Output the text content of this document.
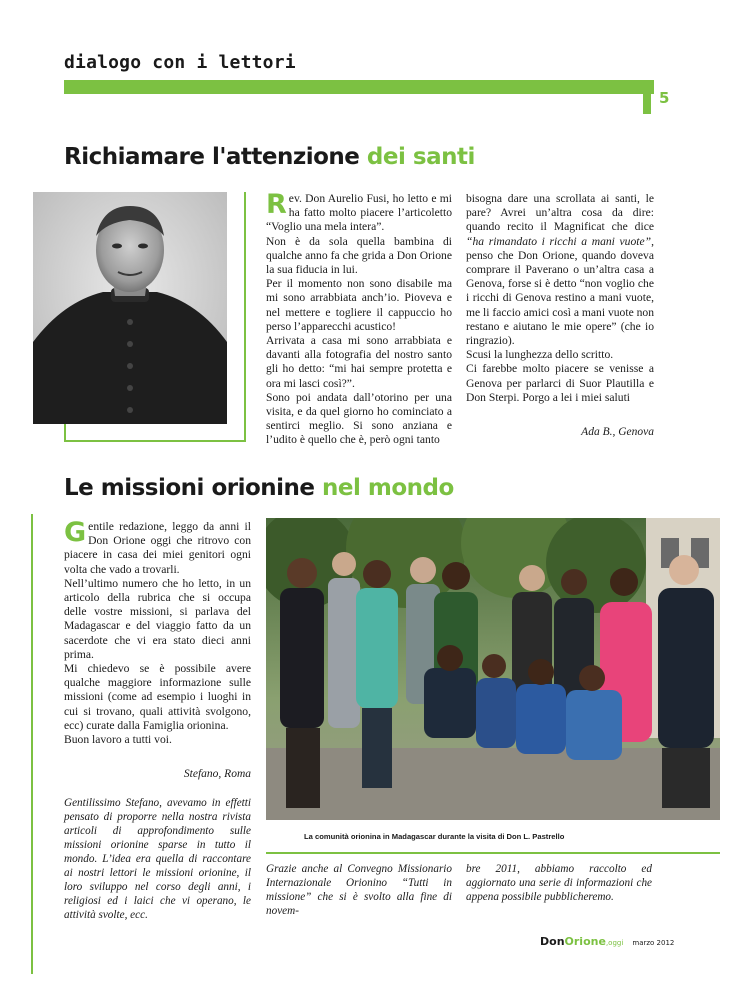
dialogo con i lettori
5
Richiamare l'attenzione dei santi
R ev. Don Aurelio Fusi, ho letto e mi ha fatto molto piacere l’articoletto “Voglio una mela intera”.

Non è da sola quella bambina di qualche anno fa che grida a Don Orione la sua fiducia in lui.

Per il momento non sono disabile ma mi sono arrabbiata anch’io. Pioveva e nel mettere e togliere il cappuccio ho perso l’apparecchi acustico!

Arrivata a casa mi sono arrabbiata e davanti alla fotografia del nostro santo gli ho detto: “mi hai sempre protetta e ora mi lasci così?”.

Sono poi andata dall’otorino per una visita, e da quel giorno ho cominciato a sentirci meglio. Si sono anziana e l’udito è quello che è, però ogni tanto

bisogna dare una scrollata ai santi, le pare? Avrei un’altra cosa da dire: quando recito il Magnificat che dice “ha rimandato i ricchi a mani vuote”, penso che Don Orione, quando doveva comprare il Paverano o un’altra casa a Genova, forse si è detto “non voglio che i ricchi di Genova restino a mani vuote, me li faccio amici così a mani vuote non restano e aiutano le mie opere” (che io ringrazio).

Scusi la lunghezza dello scritto.

Ci farebbe molto piacere se venisse a Genova per parlarci di Suor Plautilla e Don Sterpi. Porgo a lei i miei saluti

Ada B., Genova
Le missioni orionine nel mondo
G entile redazione, leggo da anni il Don Orione oggi che ritrovo con piacere in casa dei miei genitori ogni volta che vado a trovarli.

Nell’ultimo numero che ho letto, in un articolo della rubrica che si occupa delle vostre missioni, si parlava del Madagascar e del viaggio fatto da un sacerdote che vi era stato dieci anni prima.

Mi chiedevo se è possibile avere qualche maggiore informazione sulle missioni (come ad esempio i luoghi in cui si trovano, quali attività svolgono, ecc) curate dalla Famiglia orionina.

Buon lavoro a tutti voi.

Stefano, Roma
Gentilissimo Stefano, avevamo in effetti pensato di proporre nella nostra rivista articoli di approfondimento sulle missioni orionine sparse in tutto il mondo. L’idea era quella di raccontare ai nostri lettori le missioni orionine, il loro sviluppo nel corso degli anni, i religiosi ed i laici che vi operano, le attività svolte, ecc.
La comunità orionina in Madagascar durante la visita di Don L. Pastrello
Grazie anche al Convegno Missionario Internazionale Orionino “Tutti in missione” che si è svolto alla fine di novem-
bre 2011, abbiamo raccolto ed aggiornato una serie di informazioni che appena possibile pubblicheremo.
DonOrione,oggi marzo 2012
